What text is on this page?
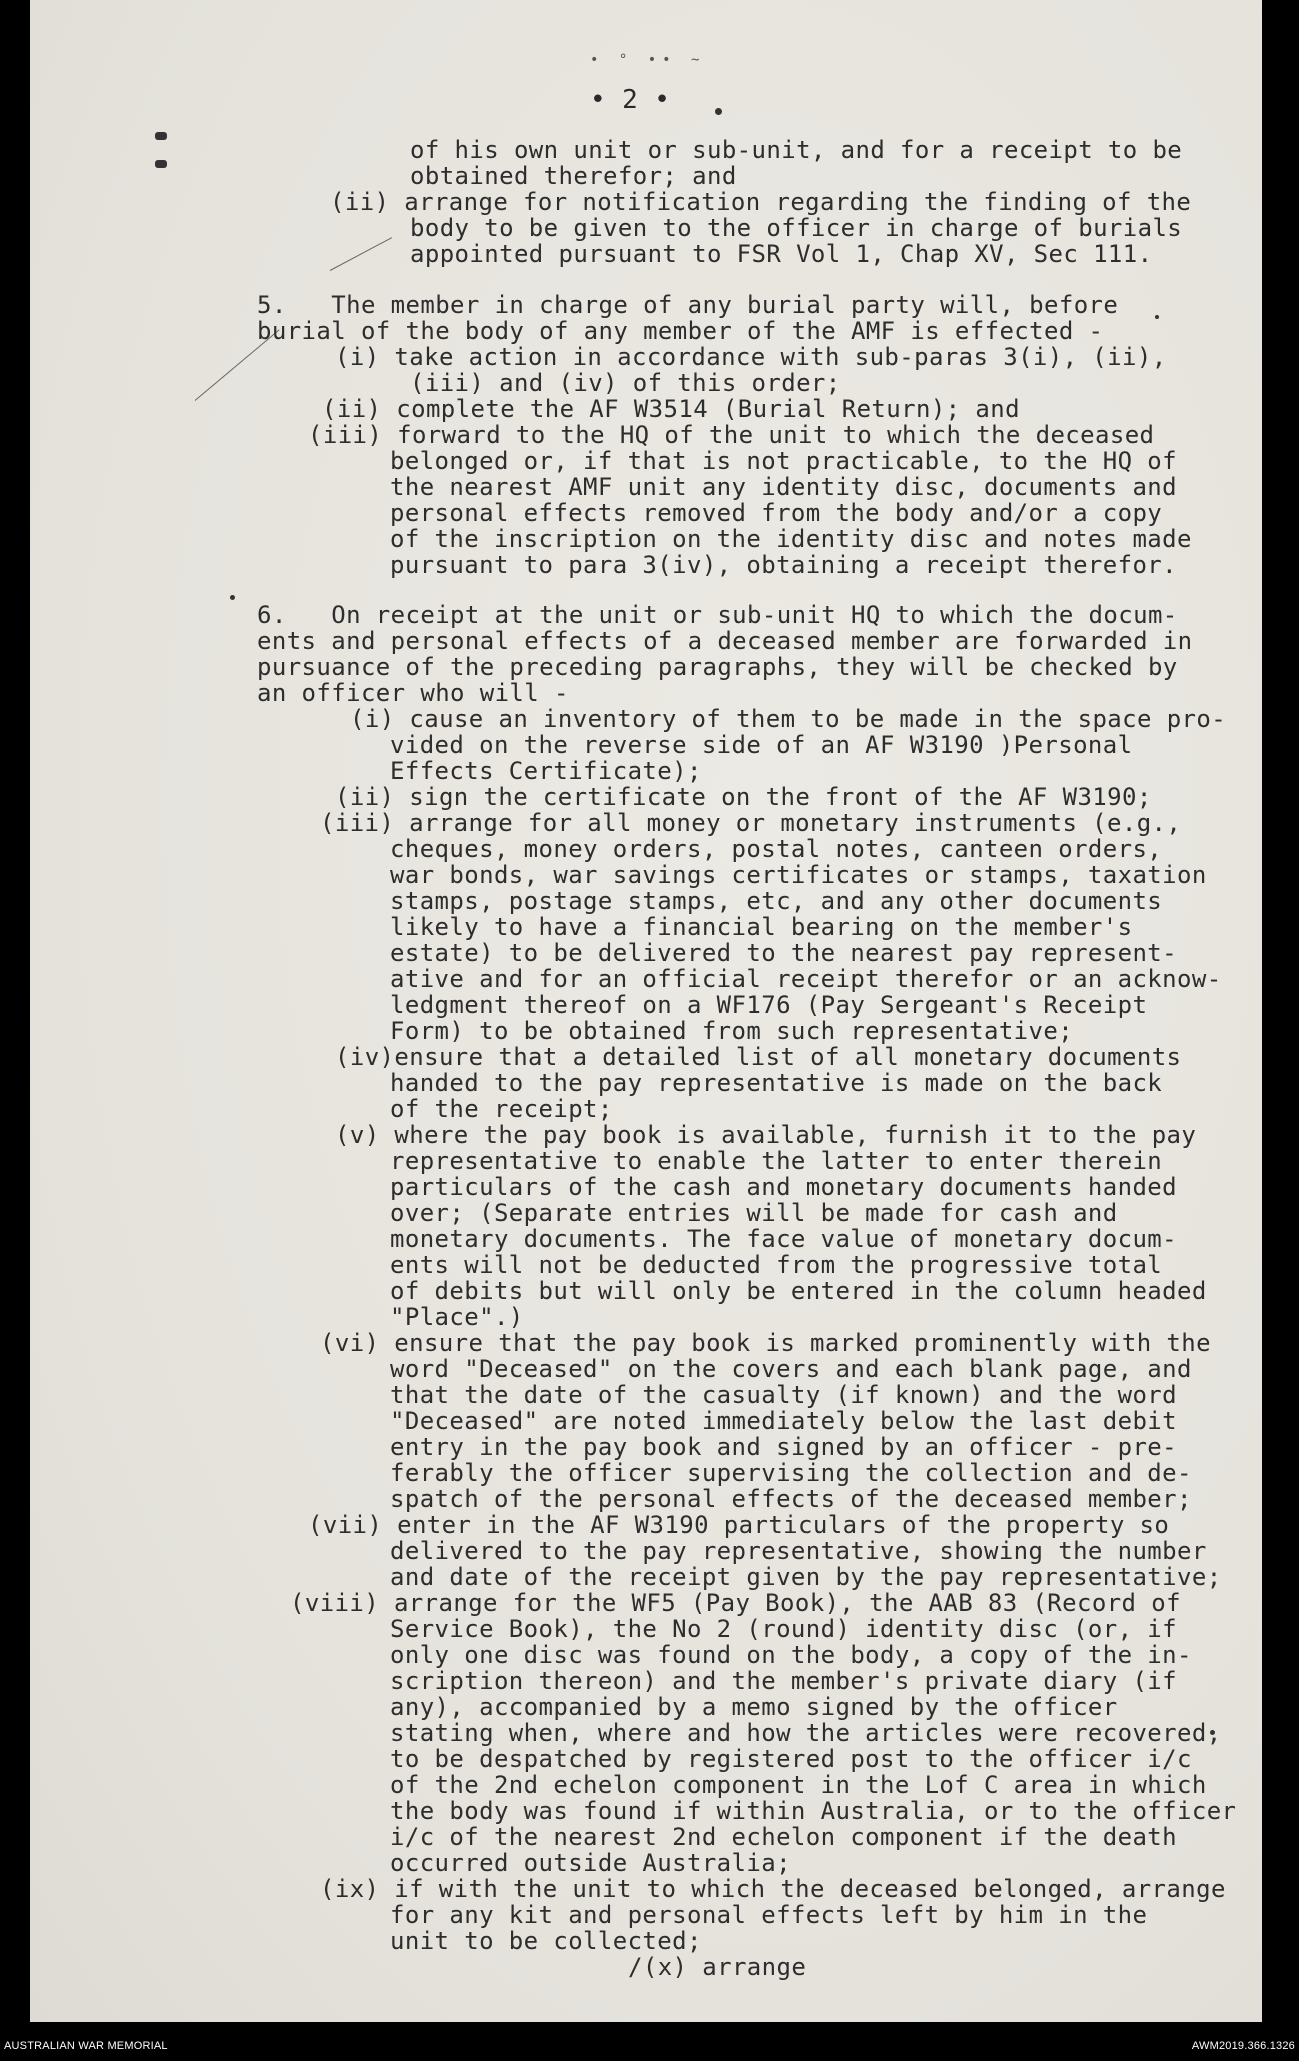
• ° •• ~
• 2 •
of his own unit or sub-unit, and for a receipt to be
obtained therefor; and
(ii) arrange for notification regarding the finding of the
body to be given to the officer in charge of burials
appointed pursuant to FSR Vol 1, Chap XV, Sec 111.
5.   The member in charge of any burial party will, before
burial of the body of any member of the AMF is effected -
(i) take action in accordance with sub-paras 3(i), (ii),
(iii) and (iv) of this order;
(ii) complete the AF W3514 (Burial Return); and
(iii) forward to the HQ of the unit to which the deceased
belonged or, if that is not practicable, to the HQ of
the nearest AMF unit any identity disc, documents and
personal effects removed from the body and/or a copy
of the inscription on the identity disc and notes made
pursuant to para 3(iv), obtaining a receipt therefor.
6.   On receipt at the unit or sub-unit HQ to which the docum-
ents and personal effects of a deceased member are forwarded in
pursuance of the preceding paragraphs, they will be checked by
an officer who will -
(i) cause an inventory of them to be made in the space pro-
vided on the reverse side of an AF W3190 )Personal
Effects Certificate);
(ii) sign the certificate on the front of the AF W3190;
(iii) arrange for all money or monetary instruments (e.g.,
cheques, money orders, postal notes, canteen orders,
war bonds, war savings certificates or stamps, taxation
stamps, postage stamps, etc, and any other documents
likely to have a financial bearing on the member's
estate) to be delivered to the nearest pay represent-
ative and for an official receipt therefor or an acknow-
ledgment thereof on a WF176 (Pay Sergeant's Receipt
Form) to be obtained from such representative;
(iv)ensure that a detailed list of all monetary documents
handed to the pay representative is made on the back
of the receipt;
(v) where the pay book is available, furnish it to the pay
representative to enable the latter to enter therein
particulars of the cash and monetary documents handed
over; (Separate entries will be made for cash and
monetary documents. The face value of monetary docum-
ents will not be deducted from the progressive total
of debits but will only be entered in the column headed
"Place".)
(vi) ensure that the pay book is marked prominently with the
word "Deceased" on the covers and each blank page, and
that the date of the casualty (if known) and the word
"Deceased" are noted immediately below the last debit
entry in the pay book and signed by an officer - pre-
ferably the officer supervising the collection and de-
spatch of the personal effects of the deceased member;
(vii) enter in the AF W3190 particulars of the property so
delivered to the pay representative, showing the number
and date of the receipt given by the pay representative;
(viii) arrange for the WF5 (Pay Book), the AAB 83 (Record of
Service Book), the No 2 (round) identity disc (or, if
only one disc was found on the body, a copy of the in-
scription thereon) and the member's private diary (if
any), accompanied by a memo signed by the officer
stating when, where and how the articles were recovered,
to be despatched by registered post to the officer i/c
of the 2nd echelon component in the Lof C area in which
the body was found if within Australia, or to the officer
i/c of the nearest 2nd echelon component if the death
occurred outside Australia;
(ix) if with the unit to which the deceased belonged, arrange
for any kit and personal effects left by him in the
unit to be collected;
/(x) arrange
AUSTRALIAN WAR MEMORIAL	AWM2019.366.1326
